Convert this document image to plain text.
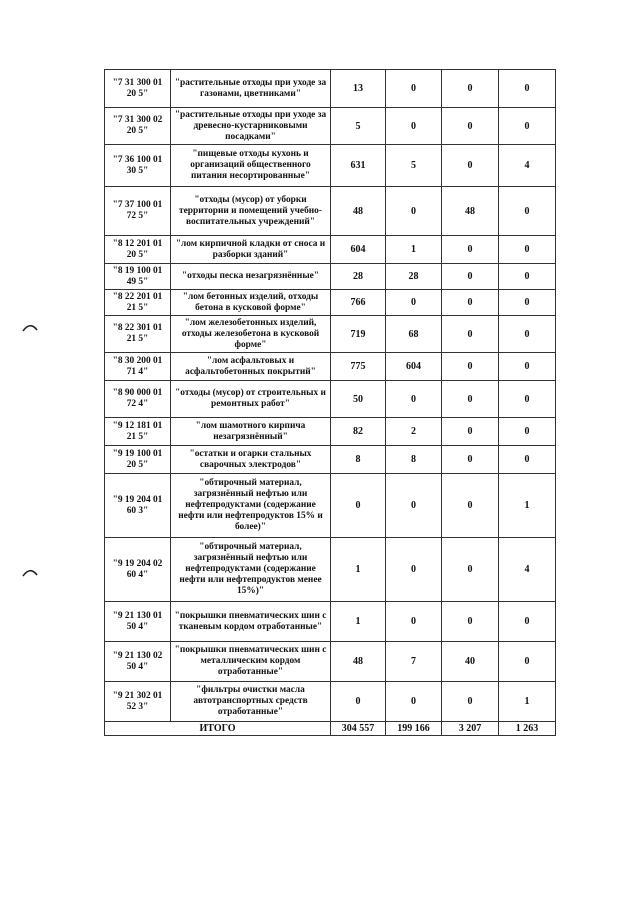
"7 31 300 01 20 5"	"растительные отходы при уходе за газонами, цветниками"	13	0	0	0
"7 31 300 02 20 5"	"растительные отходы при уходе за древесно-кустарниковыми посадками"	5	0	0	0
"7 36 100 01 30 5"	"пищевые отходы кухонь и организаций общественного питания несортированные"	631	5	0	4
"7 37 100 01 72 5"	"отходы (мусор) от уборки территории и помещений учебно-воспитательных учреждений"	48	0	48	0
"8 12 201 01 20 5"	"лом кирпичной кладки от сноса и разборки зданий"	604	1	0	0
"8 19 100 01 49 5"	"отходы песка незагрязнённые"	28	28	0	0
"8 22 201 01 21 5"	"лом бетонных изделий, отходы бетона в кусковой форме"	766	0	0	0
"8 22 301 01 21 5"	"лом железобетонных изделий, отходы железобетона в кусковой форме"	719	68	0	0
"8 30 200 01 71 4"	"лом асфальтовых и асфальтобетонных покрытий"	775	604	0	0
"8 90 000 01 72 4"	"отходы (мусор) от строительных и ремонтных работ"	50	0	0	0
"9 12 181 01 21 5"	"лом шамотного кирпича незагрязнённый"	82	2	0	0
"9 19 100 01 20 5"	"остатки и огарки стальных сварочных электродов"	8	8	0	0
"9 19 204 01 60 3"	"обтирочный материал, загрязнённый нефтью или нефтепродуктами (содержание нефти или нефтепродуктов 15% и более)"	0	0	0	1
"9 19 204 02 60 4"	"обтирочный материал, загрязнённый нефтью или нефтепродуктами (содержание нефти или нефтепродуктов менее 15%)"	1	0	0	4
"9 21 130 01 50 4"	"покрышки пневматических шин с тканевым кордом отработанные"	1	0	0	0
"9 21 130 02 50 4"	"покрышки пневматических шин с металлическим кордом отработанные"	48	7	40	0
"9 21 302 01 52 3"	"фильтры очистки масла автотранспортных средств отработанные"	0	0	0	1
ИТОГО		304 557	199 166	3 207	1 263
